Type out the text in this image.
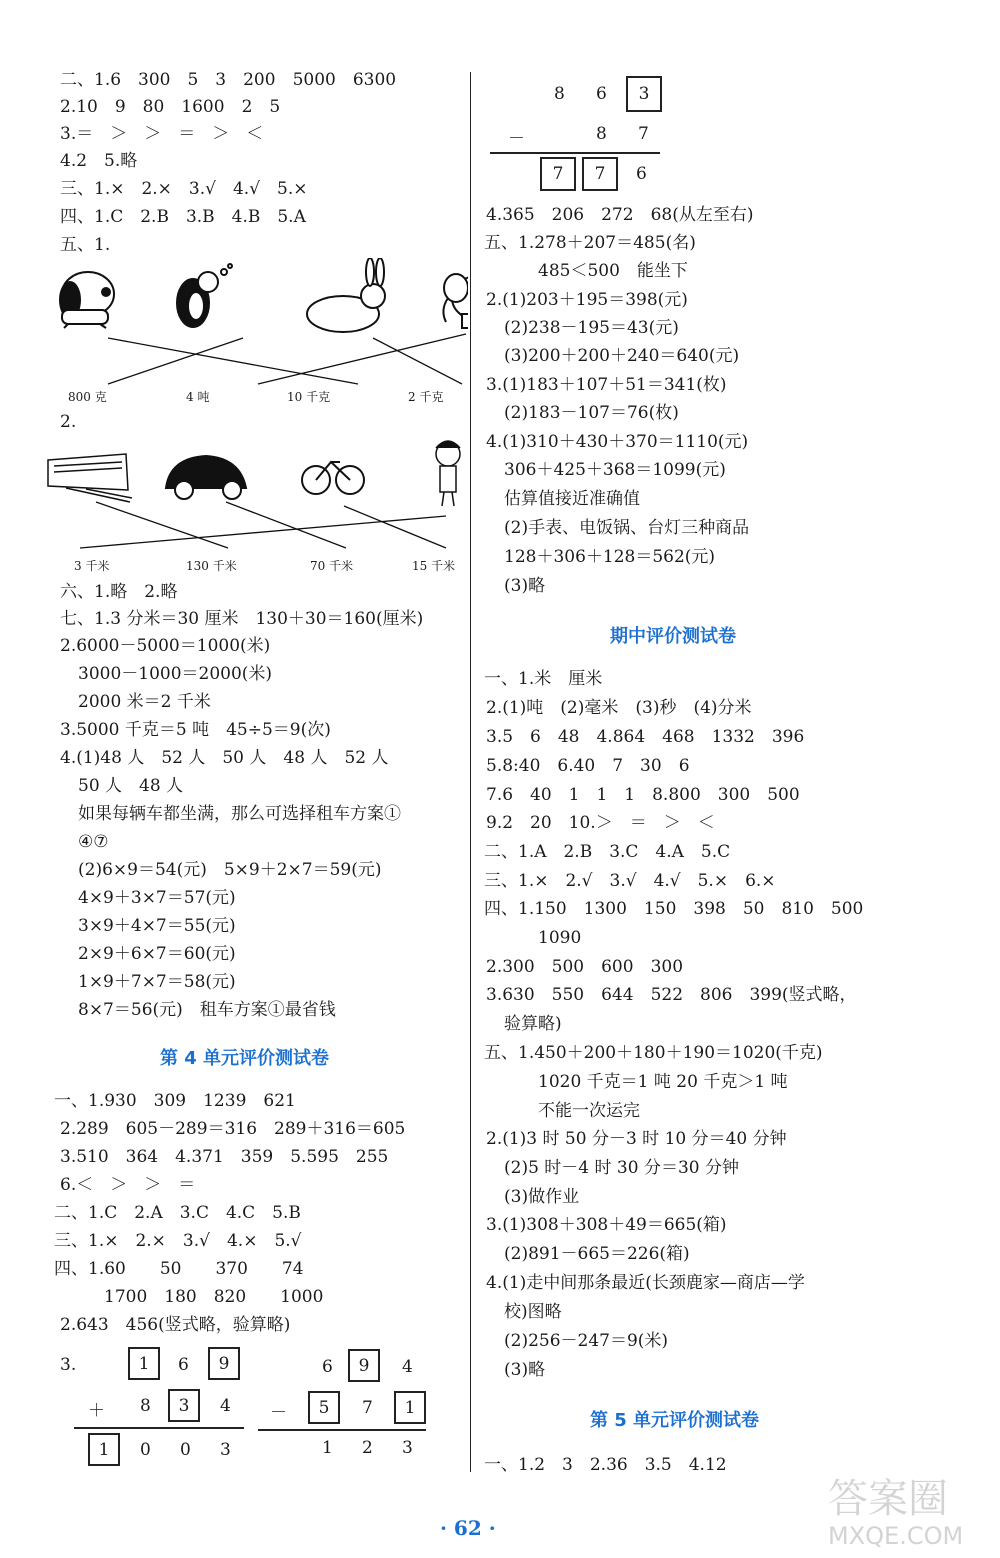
二、1.6　300　5　3　200　5000　6300
2.10　9　80　1600　2　5
3.＝　＞　＞　＝　＞　＜
4.2　5.略
三、1.×　2.×　3.√　4.√　5.×
四、1.C　2.B　3.B　4.B　5.A
五、1.
800 克	4 吨	10 千克	2 千克
2.
3 千米	130 千米	70 千米	15 千米
六、1.略　2.略
七、1.3 分米＝30 厘米　130＋30＝160(厘米)
2.6000－5000＝1000(米)
3000－1000＝2000(米)
2000 米＝2 千米
3.5000 千克＝5 吨　45÷5＝9(次)
4.(1)48 人　52 人　50 人　48 人　52 人
50 人　48 人
如果每辆车都坐满，那么可选择租车方案①
④⑦
(2)6×9＝54(元)　5×9＋2×7＝59(元)
4×9＋3×7＝57(元)
3×9＋4×7＝55(元)
2×9＋6×7＝60(元)
1×9＋7×7＝58(元)
8×7＝56(元)　租车方案①最省钱
第 4 单元评价测试卷
一、1.930　309　1239　621
2.289　605－289＝316　289＋316＝605
3.510　364　4.371　359　5.595　255
6.＜　＞　＞　＝
二、1.C　2.A　3.C　4.C　5.B
三、1.×　2.×　3.√　4.×　5.√
四、1.60　　50　　370　　74
1700　180　820　　1000
2.643　456(竖式略，验算略)
3.	1	6	9
＋ 8	3	4
1	0 0 3
6	9	4
－	5	7	1
1 2 3
8 6	3
－	8 7
7	7	6
4.365　206　272　68(从左至右)
五、1.278＋207＝485(名)
485＜500　能坐下
2.(1)203＋195＝398(元)
(2)238－195＝43(元)
(3)200＋200＋240＝640(元)
3.(1)183＋107＋51＝341(枚)
(2)183－107＝76(枚)
4.(1)310＋430＋370＝1110(元)
306＋425＋368＝1099(元)
估算值接近准确值
(2)手表、电饭锅、台灯三种商品
128＋306＋128＝562(元)
(3)略
期中评价测试卷
一、1.米　厘米
2.(1)吨　(2)毫米　(3)秒　(4)分米
3.5　6　48　4.864　468　1332　396
5.8:40　6.40　7　30　6
7.6　40　1　1　1　8.800　300　500
9.2　20　10.＞　＝　＞　＜
二、1.A　2.B　3.C　4.A　5.C
三、1.×　2.√　3.√　4.√　5.×　6.×
四、1.150　1300　150　398　50　810　500
1090
2.300　500　600　300
3.630　550　644　522　806　399(竖式略，
验算略)
五、1.450＋200＋180＋190＝1020(千克)
1020 千克＝1 吨 20 千克＞1 吨
不能一次运完
2.(1)3 时 50 分－3 时 10 分＝40 分钟
(2)5 时－4 时 30 分＝30 分钟
(3)做作业
3.(1)308＋308＋49＝665(箱)
(2)891－665＝226(箱)
4.(1)走中间那条最近(长颈鹿家—商店—学
校)图略
(2)256－247＝9(米)
(3)略
第 5 单元评价测试卷
一、1.2　3　2.36　3.5　4.12
· 62 ·
答案圈
MXQE.COM
